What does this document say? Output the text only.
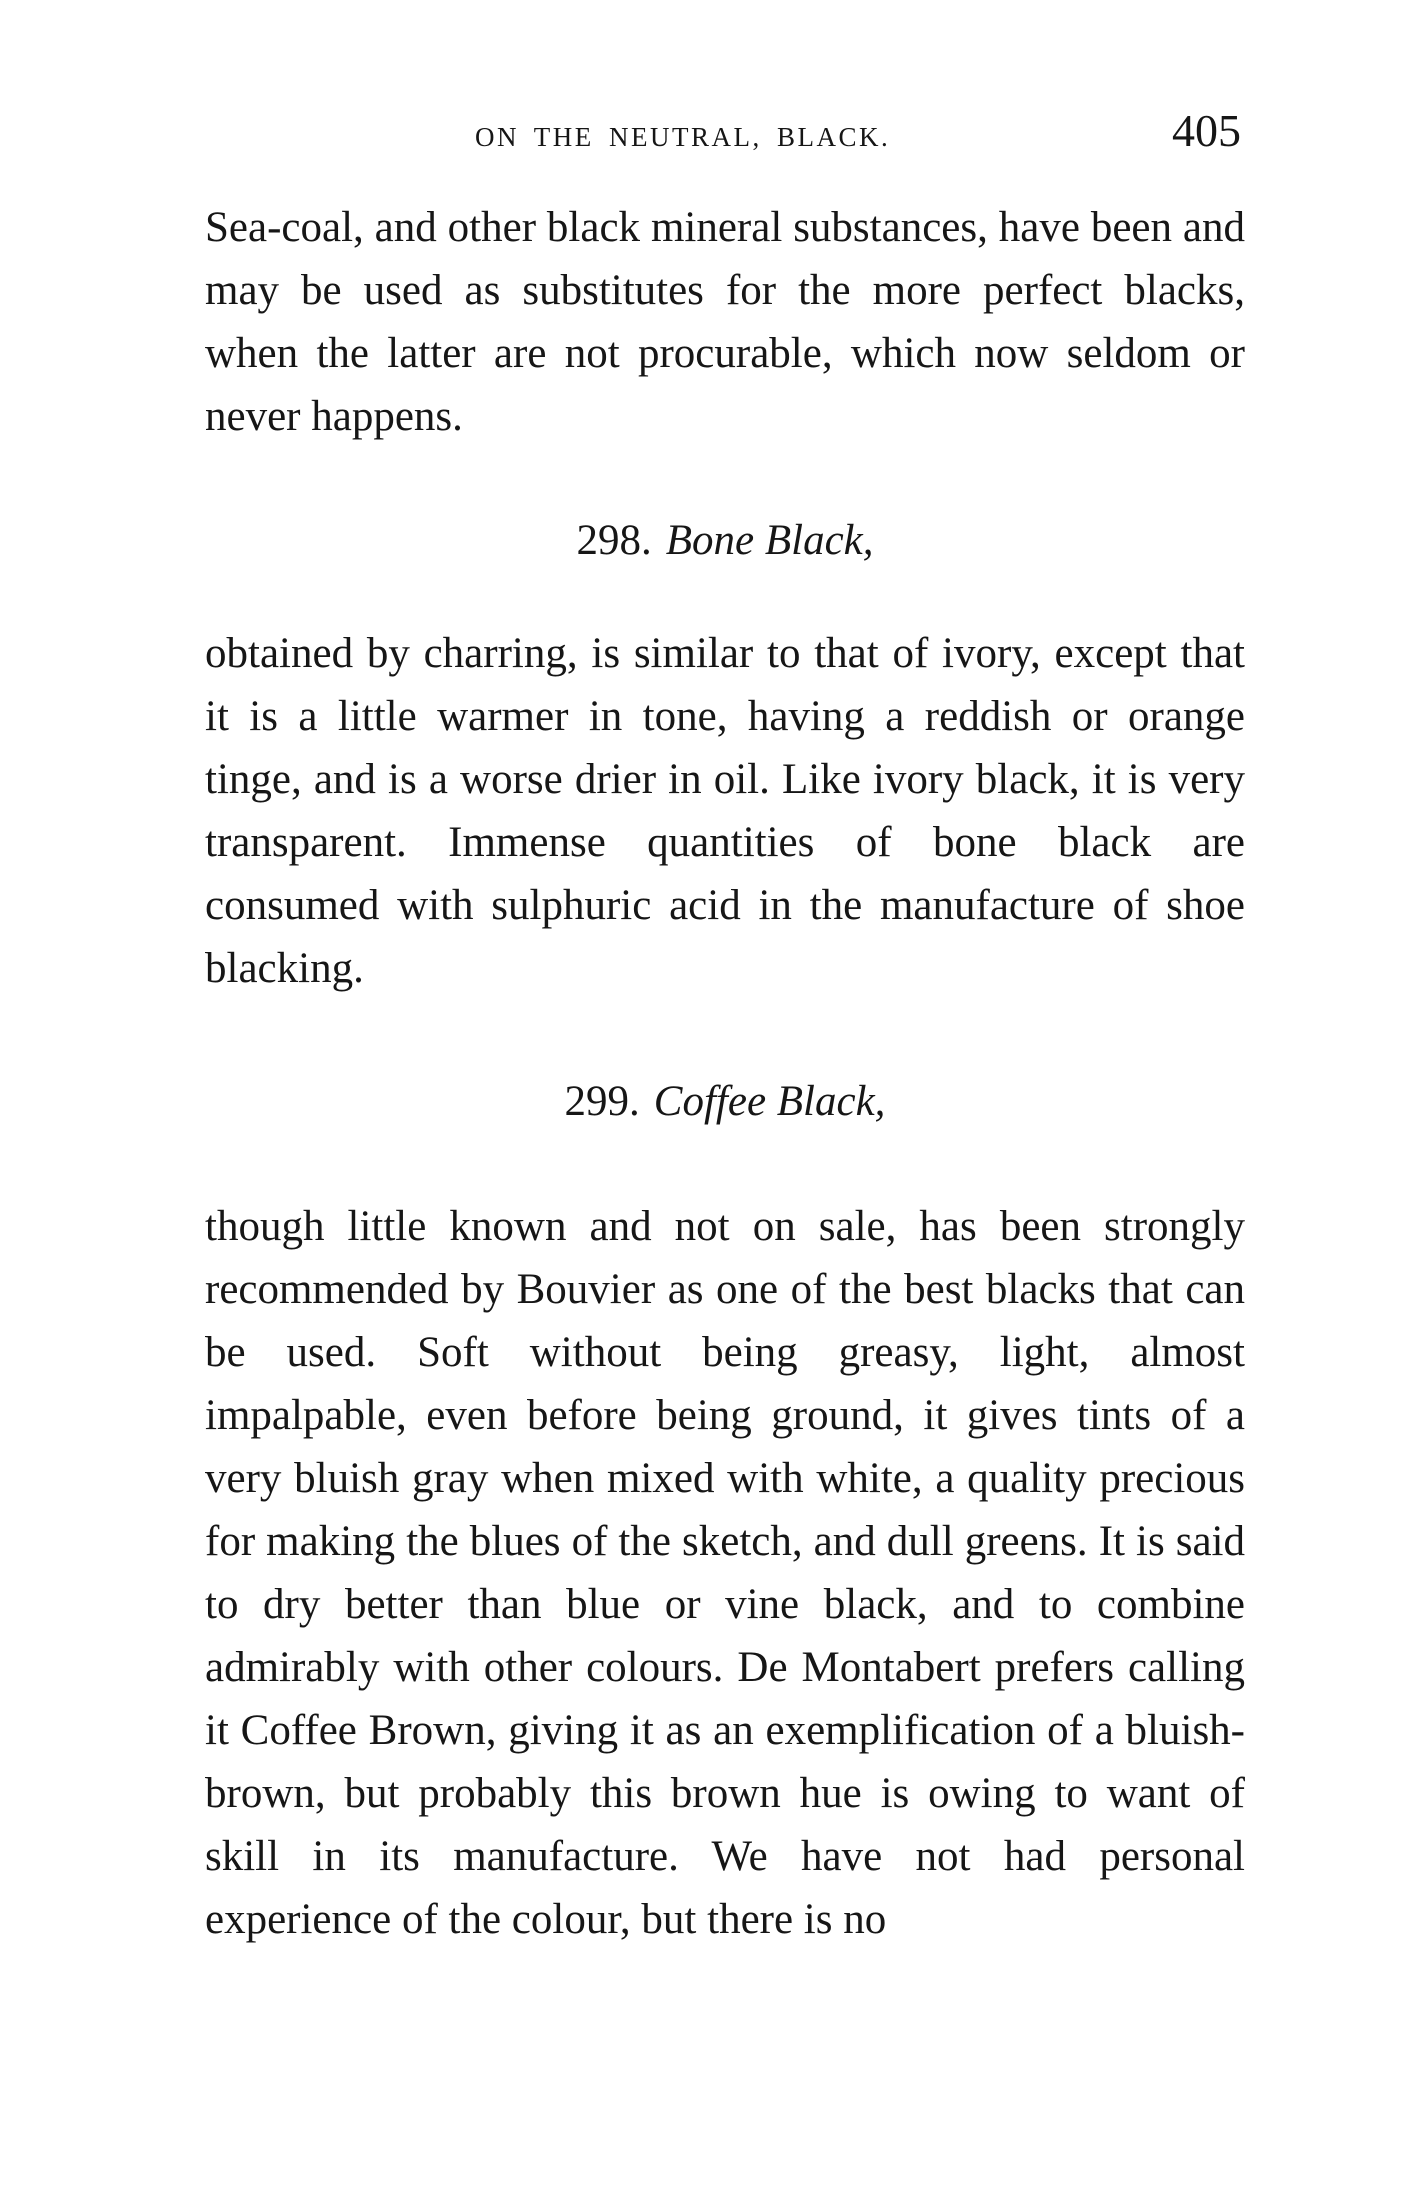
ON THE NEUTRAL, BLACK.	405

Sea-coal, and other black mineral substances, have been and may be used as substitutes for the more perfect blacks, when the latter are not procurable, which now seldom or never happens.

298. Bone Black,

obtained by charring, is similar to that of ivory, except that it is a little warmer in tone, having a reddish or orange tinge, and is a worse drier in oil. Like ivory black, it is very transparent. Immense quantities of bone black are consumed with sulphuric acid in the manufacture of shoe blacking.

299. Coffee Black,

though little known and not on sale, has been strongly recommended by Bouvier as one of the best blacks that can be used. Soft without being greasy, light, almost impalpable, even before being ground, it gives tints of a very bluish gray when mixed with white, a quality precious for making the blues of the sketch, and dull greens. It is said to dry better than blue or vine black, and to combine admirably with other colours. De Montabert prefers calling it Coffee Brown, giving it as an exemplification of a bluish-brown, but probably this brown hue is owing to want of skill in its manufacture. We have not had personal experience of the colour, but there is no
